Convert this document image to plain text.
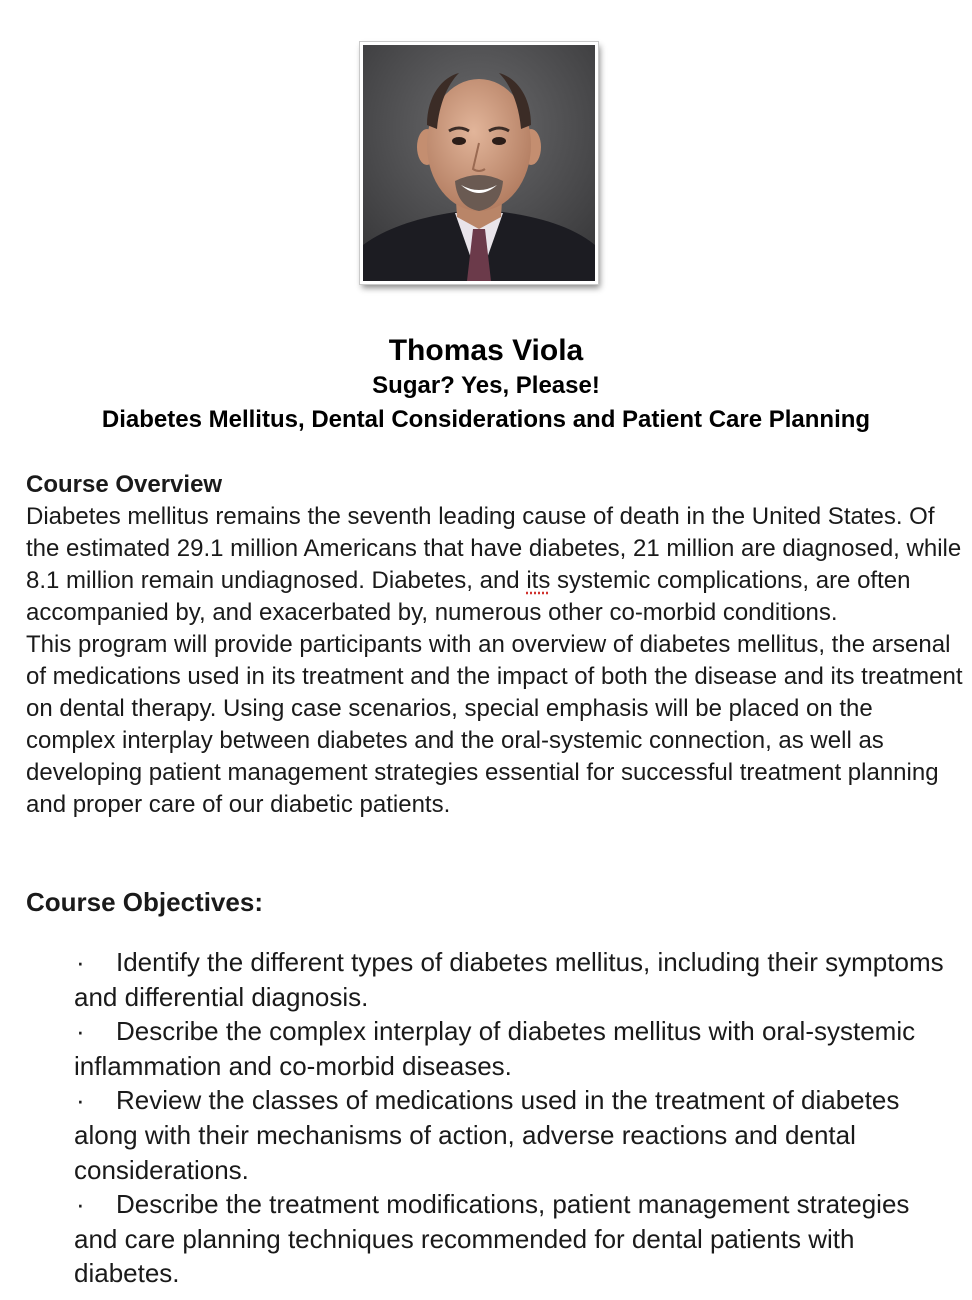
Thomas Viola
Sugar? Yes, Please!
Diabetes Mellitus, Dental Considerations and Patient Care Planning
Course Overview

Diabetes mellitus remains the seventh leading cause of death in the United States. Of the estimated 29.1 million Americans that have diabetes, 21 million are diagnosed, while 8.1 million remain undiagnosed. Diabetes, and its systemic complications, are often accompanied by, and exacerbated by, numerous other co-morbid conditions.

This program will provide participants with an overview of diabetes mellitus, the arsenal of medications used in its treatment and the impact of both the disease and its treatment on dental therapy. Using case scenarios, special emphasis will be placed on the complex interplay between diabetes and the oral-systemic connection, as well as developing patient management strategies essential for successful treatment planning and proper care of our diabetic patients.

Course Objectives:
· Identify the different types of diabetes mellitus, including their symptoms and differential diagnosis.
· Describe the complex interplay of diabetes mellitus with oral-systemic inflammation and co-morbid diseases.
· Review the classes of medications used in the treatment of diabetes along with their mechanisms of action, adverse reactions and dental considerations.
· Describe the treatment modifications, patient management strategies and care planning techniques recommended for dental patients with diabetes.
